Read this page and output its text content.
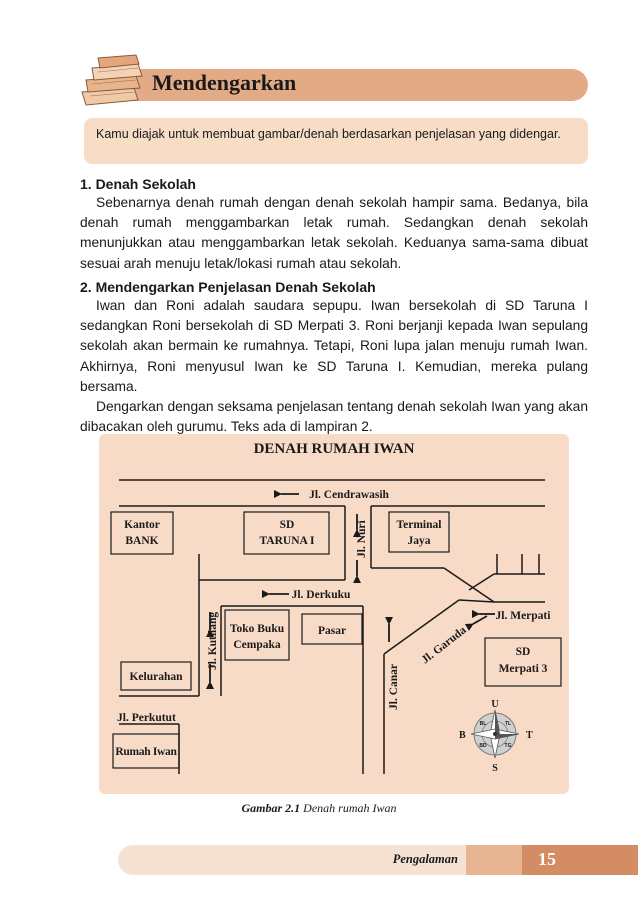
Mendengarkan
Kamu diajak untuk membuat gambar/denah berdasarkan penjelasan yang didengar.
1. Denah Sekolah

Sebenarnya denah rumah dengan denah sekolah hampir sama. Bedanya, bila denah rumah menggambarkan letak rumah. Sedangkan denah sekolah menunjukkan atau menggambarkan letak sekolah. Keduanya sama-sama dibuat sesuai arah menuju letak/lokasi rumah atau sekolah.

2. Mendengarkan Penjelasan Denah Sekolah

Iwan dan Roni adalah saudara sepupu. Iwan bersekolah di SD Taruna I sedangkan Roni bersekolah di SD Merpati 3. Roni berjanji kepada Iwan sepulang sekolah akan bermain ke rumahnya. Tetapi, Roni lupa jalan menuju rumah Iwan. Akhirnya, Roni menyusul Iwan ke SD Taruna I. Kemudian, mereka pulang bersama.

Dengarkan dengan seksama penjelasan tentang denah sekolah Iwan yang akan dibacakan oleh gurumu. Teks ada di lampiran 2.

DENAH RUMAH IWAN
Jl. Cendrawasih
Jl. Derkuku
Jl. Merpati
Jl. Perkutut
Jl. Nuri
Jl. Kutilang
Jl. Canar
Jl. Garuda
Kantor
BANK
SD
TARUNA I
Terminal
Jaya
Toko Buku
Cempaka
Pasar
Kelurahan
SD
Merpati 3
Rumah Iwan
U
S
T
B
BL	TL
BD	TG
Gambar 2.1 Denah rumah Iwan
Pengalaman	15
